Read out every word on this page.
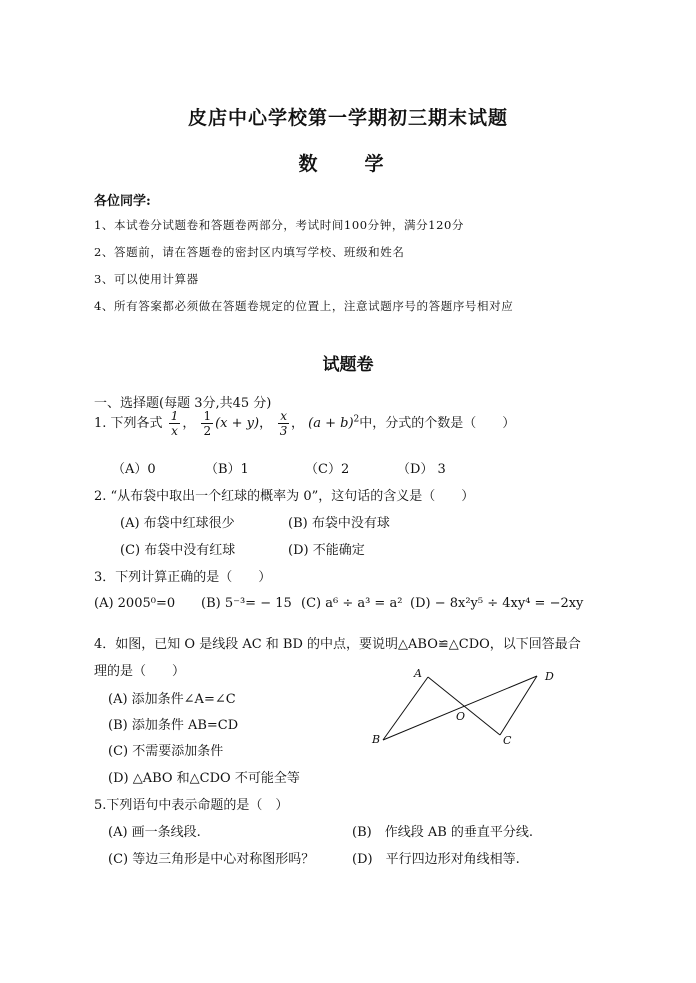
皮店中心学校第一学期初三期末试题
数　学
各位同学:
1、本试卷分试题卷和答题卷两部分，考试时间100分钟，满分120分
2、答题前，请在答题卷的密封区内填写学校、班级和姓名
3、可以使用计算器
4、所有答案都必须做在答题卷规定的位置上，注意试题序号的答题序号相对应
试题卷
一、选择题(每题 3分,共45 分)
1. 下列各式 $\frac{1}{x}$ ， $\frac{1}{2} (x + y)$， $\frac{x}{3}$ ， $(a + b)^2$中，分式的个数是（　　）
（A）0	（B）1	（C）2	（D） 3
2. “从布袋中取出一个红球的概率为 0”，这句话的含义是（　　）
(A) 布袋中红球很少	(B) 布袋中没有球
(C) 布袋中没有红球	(D) 不能确定
3．下列计算正确的是（　　）
(A) 2005⁰=0 (B) 5⁻³= − 15 (C) a⁶ ÷ a³ = a² (D) − 8x²y⁵ ÷ 4xy⁴ = −2xy
4．如图，已知 O 是线段 AC 和 BD 的中点，要说明△ABO≌△CDO，以下回答最合
理的是（　　）
(A) 添加条件∠A=∠C
(B) 添加条件 AB=CD
(C) 不需要添加条件
(D) △ABO 和△CDO 不可能全等
A
B	C
D
O
5.下列语句中表示命题的是（　）
(A) 画一条线段.	(B)　作线段 AB 的垂直平分线.
(C) 等边三角形是中心对称图形吗？	(D)　平行四边形对角线相等.
